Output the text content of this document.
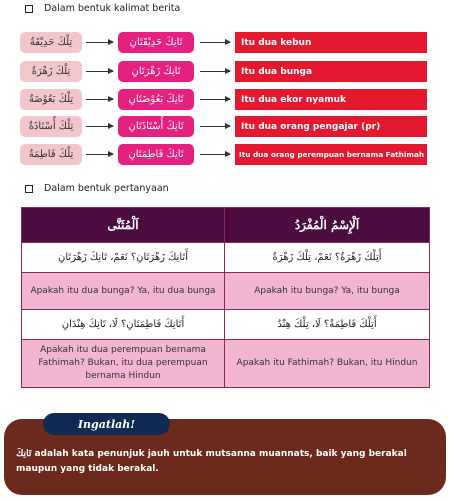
Dalam bentuk kalimat berita
تِلْكَ حَدِيْقَةٌ	تَانِكَ حَدِيْقَتَانِ	Itu dua kebun
تِلْكَ زَهْرَةٌ	تَانِكَ زَهْرَتَانِ	Itu dua bunga
تِلْكَ بَعُوْضَةٌ	تَانِكَ بَعُوْضَتَانِ	Itu dua ekor nyamuk
تِلْكَ أُسْتَاذَةٌ	تَانِكَ أُسْتَاذَتَانِ	Itu dua orang pengajar (pr)
تِلْكَ فَاطِمَةُ	تَانِكَ فَاطِمَتَانِ	Itu dua orang perempuan bernama Fathimah
Dalam bentuk pertanyaan
اَلْمُثَنَّى	اَلْإِسْمُ الْمُفْرَدُ
أَتَانِكَ زَهْرَتَانِ؟ نَعَمْ، تَانِكَ زَهْرَتَانِ	أَتِلْكَ زَهْرَةٌ؟ نَعَمْ، تِلْكَ زَهْرَةٌ
Apakah itu dua bunga? Ya, itu dua bunga	Apakah itu bunga? Ya, itu bunga
أَتَانِكَ فَاطِمَتَانِ؟ لَا، تَانِكَ هِنْدَانِ	أَتِلْكَ فَاطِمَةُ؟ لَا، تِلْكَ هِنْدُ
Apakah itu dua perempuan bernama Fathimah? Bukan, itu dua perempuan bernama Hindun	Apakah itu Fathimah? Bukan, itu Hindun
Ingatlah!
تَانِكَ adalah kata penunjuk jauh untuk mutsanna muannats, baik yang berakal maupun yang tidak berakal.
